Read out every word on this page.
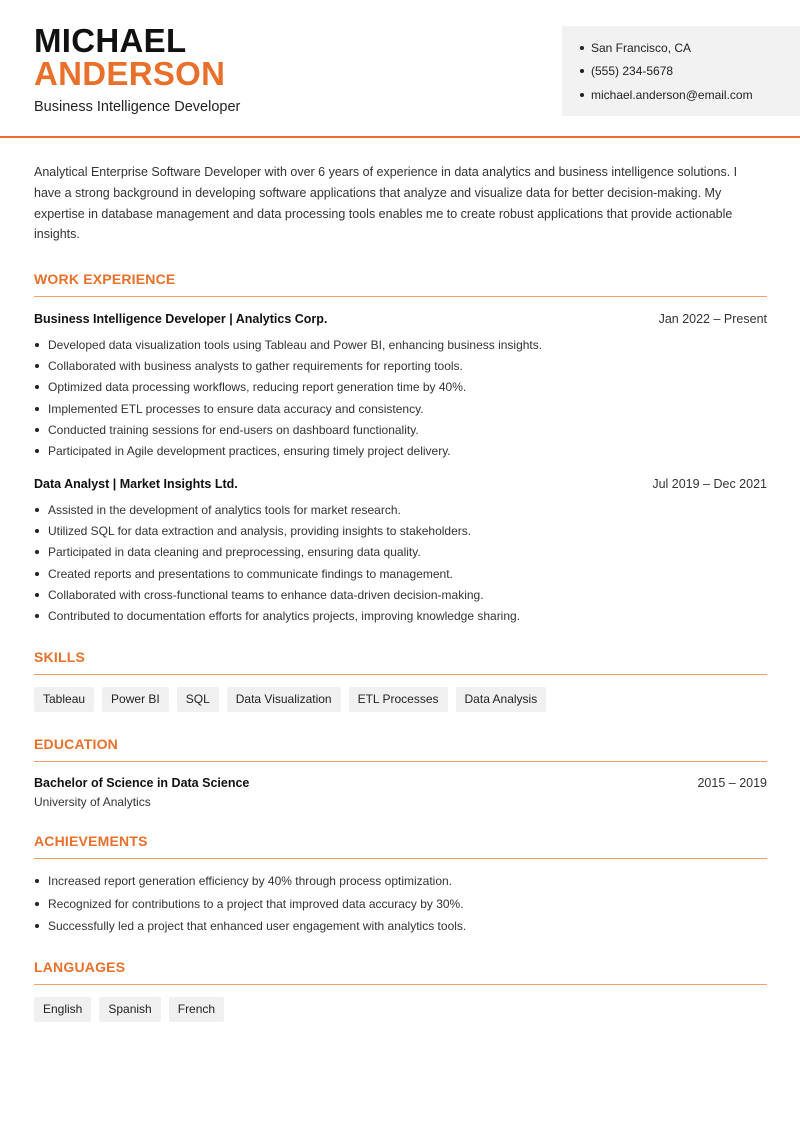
MICHAEL
ANDERSON
Business Intelligence Developer
San Francisco, CA
(555) 234-5678
michael.anderson@email.com

Analytical Enterprise Software Developer with over 6 years of experience in data analytics and business intelligence solutions. I have a strong background in developing software applications that analyze and visualize data for better decision-making. My expertise in database management and data processing tools enables me to create robust applications that provide actionable insights.

WORK EXPERIENCE
Business Intelligence Developer | Analytics Corp.	Jan 2022 – Present
Developed data visualization tools using Tableau and Power BI, enhancing business insights.
Collaborated with business analysts to gather requirements for reporting tools.
Optimized data processing workflows, reducing report generation time by 40%.
Implemented ETL processes to ensure data accuracy and consistency.
Conducted training sessions for end-users on dashboard functionality.
Participated in Agile development practices, ensuring timely project delivery.
Data Analyst | Market Insights Ltd.	Jul 2019 – Dec 2021
Assisted in the development of analytics tools for market research.
Utilized SQL for data extraction and analysis, providing insights to stakeholders.
Participated in data cleaning and preprocessing, ensuring data quality.
Created reports and presentations to communicate findings to management.
Collaborated with cross-functional teams to enhance data-driven decision-making.
Contributed to documentation efforts for analytics projects, improving knowledge sharing.
SKILLS
Tableau	Power BI	SQL	Data Visualization	ETL Processes	Data Analysis
EDUCATION
Bachelor of Science in Data Science	2015 – 2019
University of Analytics
ACHIEVEMENTS
Increased report generation efficiency by 40% through process optimization.
Recognized for contributions to a project that improved data accuracy by 30%.
Successfully led a project that enhanced user engagement with analytics tools.
LANGUAGES
English	Spanish	French
